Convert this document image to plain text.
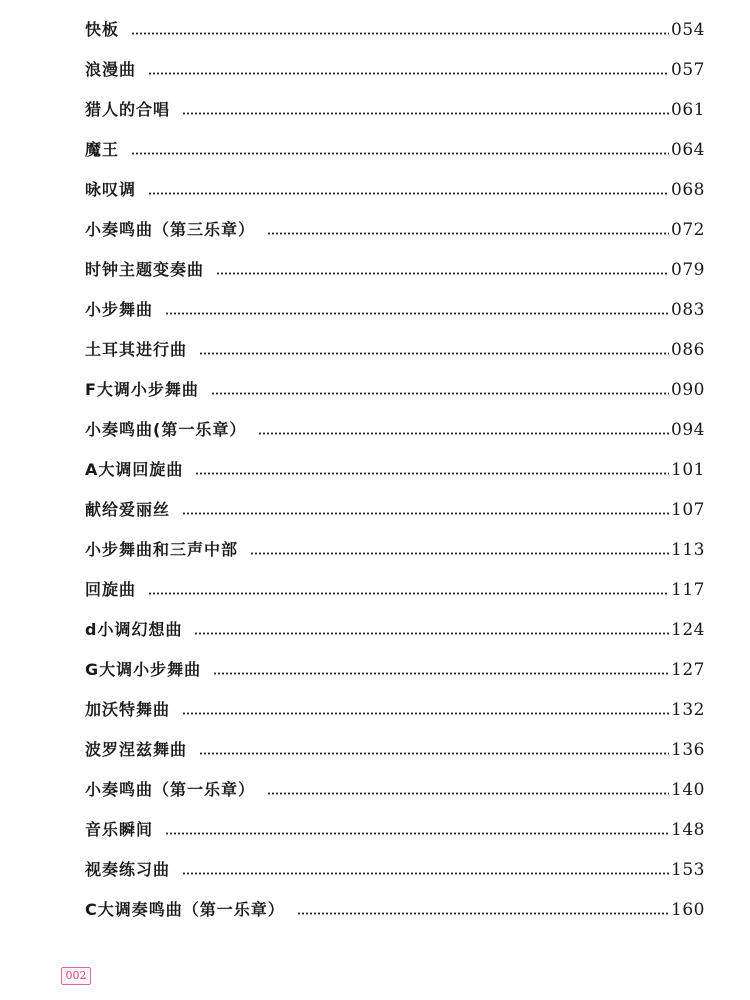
快板	054
浪漫曲	057
猎人的合唱	061
魔王	064
咏叹调	068
小奏鸣曲（第三乐章）	072
时钟主题变奏曲	079
小步舞曲	083
土耳其进行曲	086
F大调小步舞曲	090
小奏鸣曲(第一乐章）	094
A大调回旋曲	101
献给爱丽丝	107
小步舞曲和三声中部	113
回旋曲	117
d小调幻想曲	124
G大调小步舞曲	127
加沃特舞曲	132
波罗涅兹舞曲	136
小奏鸣曲（第一乐章）	140
音乐瞬间	148
视奏练习曲	153
C大调奏鸣曲（第一乐章）	160
002
